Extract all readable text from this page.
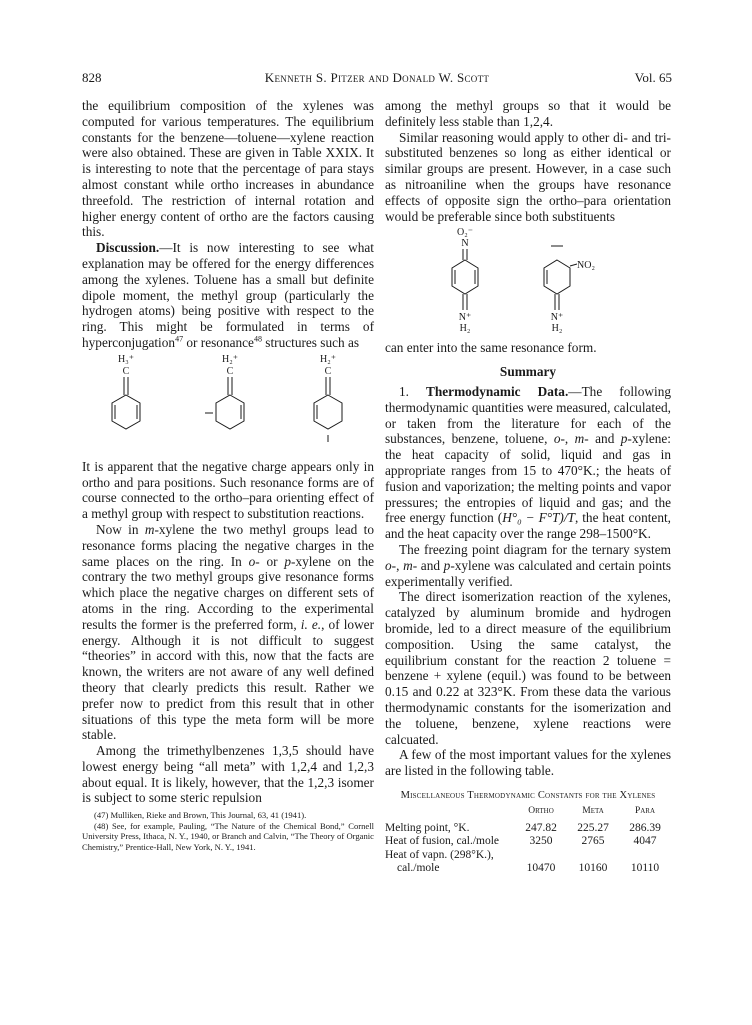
828	Kenneth S. Pitzer and Donald W. Scott	Vol. 65

the equilibrium composition of the xylenes was computed for various temperatures. The equilibrium constants for the benzene—toluene—xylene reaction were also obtained. These are given in Table XXIX. It is interesting to note that the percentage of para stays almost constant while ortho increases in abundance threefold. The restriction of internal rotation and higher energy content of ortho are the factors causing this.

Discussion.—It is now interesting to see what explanation may be offered for the energy differences among the xylenes. Toluene has a small but definite dipole moment, the methyl group (particularly the hydrogen atoms) being positive with respect to the ring. This might be formulated in terms of hyperconjugation$^{47}$ or resonance$^{48}$ structures such as

H₃⁺
C
H₂⁺
C
H₂⁺
C

It is apparent that the negative charge appears only in ortho and para positions. Such resonance forms are of course connected to the ortho–para orienting effect of a methyl group with respect to substitution reactions.

Now in m-xylene the two methyl groups lead to resonance forms placing the negative charges in the same places on the ring. In o- or p-xylene on the contrary the two methyl groups give resonance forms which place the negative charges on different sets of atoms in the ring. According to the experimental results the former is the preferred form, i. e., of lower energy. Although it is not difficult to suggest “theories” in accord with this, now that the facts are known, the writers are not aware of any well defined theory that clearly predicts this result. Rather we prefer now to predict from this result that in other situations of this type the meta form will be more stable.

Among the trimethylbenzenes 1,3,5 should have lowest energy being “all meta” with 1,2,4 and 1,2,3 about equal. It is likely, however, that the 1,2,3 isomer is subject to some steric repulsion

(47) Mulliken, Rieke and Brown, This Journal, 63, 41 (1941).

(48) See, for example, Pauling, “The Nature of the Chemical Bond,” Cornell University Press, Ithaca, N. Y., 1940, or Branch and Calvin, “The Theory of Organic Chemistry,” Prentice-Hall, New York, N. Y., 1941.

among the methyl groups so that it would be definitely less stable than 1,2,4.

Similar reasoning would apply to other di- and tri-substituted benzenes so long as either identical or similar groups are present. However, in a case such as nitroaniline when the groups have resonance effects of opposite sign the ortho–para orientation would be preferable since both substituents

O₂⁻
N
N⁺
H₂
NO₂
N⁺
H₂

can enter into the same resonance form.

Summary

1. Thermodynamic Data.—The following thermodynamic quantities were measured, calculated, or taken from the literature for each of the substances, benzene, toluene, o-, m- and p-xylene: the heat capacity of solid, liquid and gas in appropriate ranges from 15 to 470°K.; the heats of fusion and vaporization; the melting points and vapor pressures; the entropies of liquid and gas; and the free energy function (H°₀ − F°T)/T, the heat content, and the heat capacity over the range 298–1500°K.

The freezing point diagram for the ternary system o-, m- and p-xylene was calculated and certain points experimentally verified.

The direct isomerization reaction of the xylenes, catalyzed by aluminum bromide and hydrogen bromide, led to a direct measure of the equilibrium composition. Using the same catalyst, the equilibrium constant for the reaction 2 toluene = benzene + xylene (equil.) was found to be between 0.15 and 0.22 at 323°K. From these data the various thermodynamic constants for the isomerization and the toluene, benzene, xylene reactions were calcuated.

A few of the most important values for the xylenes are listed in the following table.

Miscellaneous Thermodynamic Constants for the Xylenes
	Ortho	Meta	Para
Melting point, °K.	247.82	225.27	286.39
Heat of fusion, cal./mole	3250	2765	4047
Heat of vapn. (298°K.),			
cal./mole	10470	10160	10110
